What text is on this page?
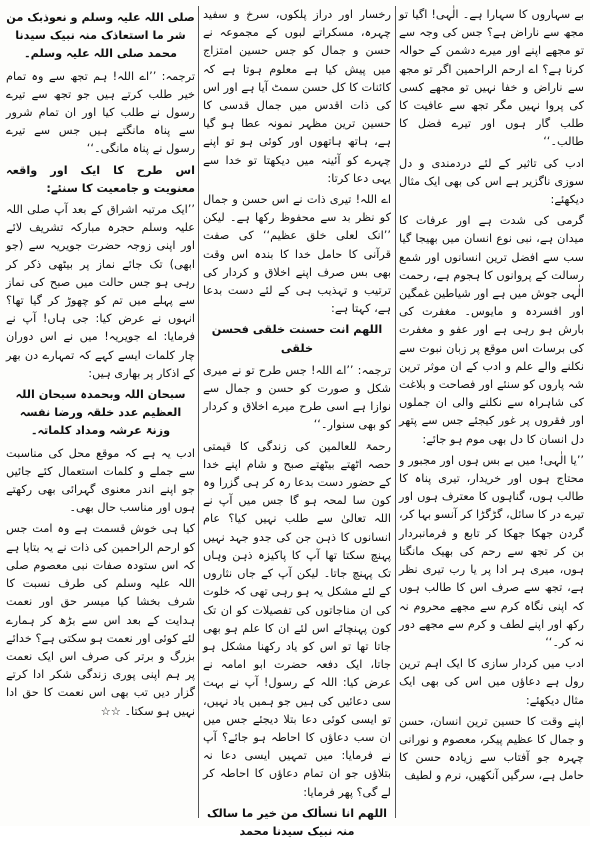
بے سہاروں کا سہارا ہے۔ الٰہی! اگیا تو مجھ سے ناراض ہے؟ جس کی وجہ سے تو مجھے اپنے اور میرے دشمن کے حوالہ کرنا ہے؟ اے ارحم الراحمین اگر تو مجھ سے ناراض و خفا نہیں تو مجھے کسی کی پروا نہیں مگر تجھ سے عافیت کا طلب گار ہوں اور تیرے فضل کا طالب۔‘‘

ادب کی تاثیر کے لئے دردمندی و دل سوزی ناگزیر ہے اس کی بھی ایک مثال دیکھئے:

گرمی کی شدت ہے اور عرفات کا میدان ہے، نبی نوع انسان میں بھیجا گیا سب سے افضل ترین انسانوں اور شمع رسالت کے پروانوں کا ہجوم ہے، رحمت الٰہی جوش میں ہے اور شیاطین غمگین اور افسردہ و مایوس۔ مغفرت کی بارش ہو رہی ہے اور عفو و مغفرت کی برسات اس موقع پر زبان نبوت سے نکلنے والے علم و ادب کے ان موثر ترین شہ پاروں کو سنئے اور فصاحت و بلاغت کی شاہراہ سے نکلنے والی ان جملوں اور فقروں پر غور کیجئے جس سے پتھر دل انسان کا دل بھی موم ہو جائے:

’’یا الٰہی! میں بے بس ہوں اور مجبور و محتاج ہوں اور خریدار، تیری پناہ کا طالب ہوں، گناہوں کا معترف ہوں اور تیرے در کا سائل، گڑگڑا کر آنسو بہا کر، گردن جھکا جھکا کر تابع و فرمانبردار بن کر تجھ سے رحم کی بھیک مانگتا ہوں، میری ہر ادا پر یا رب تیری نظر ہے، تجھ سے صرف اس کا طالب ہوں کہ اپنی نگاہ کرم سے مجھے محروم نہ رکھ اور اپنے لطف و کرم سے مجھے دور نہ کر۔‘‘

ادب میں کردار سازی کا ایک اہم ترین رول ہے دعاؤں میں اس کی بھی ایک مثال دیکھئے:

اپنے وقت کا حسین ترین انسان، حسن و جمال کا عظیم پیکر، معصوم و نورانی چہرہ جو آفتاب سے زیادہ حسن کا حامل ہے، سرگیں آنکھیں، نرم و لطیف

رخسار اور دراز پلکوں، سرخ و سفید چہرہ، مسکراتے لبوں کے مجموعہ نے حسن و جمال کو جس حسین امتزاج میں پیش کیا ہے معلوم ہوتا ہے کہ کائنات کا کل حسن سمٹ آیا ہے اور اس کی ذات اقدس میں جمال قدسی کا حسین ترین مظہر نمونہ عطا ہو گیا ہے، ہاتھ ہاتھوں اور کوئی ہو تو اپنے چہرے کو آئینہ میں دیکھتا تو خدا سے یہی دعا کرتا:

اے اللہ! تیری ذات نے اس حسن و جمال کو نظر بد سے محفوظ رکھا ہے۔ لیکن ’’انک لعلی خلق عظیم‘‘ کی صفت قرآنی کا حامل خدا کا بندہ اس وقت بھی بس صرف اپنے اخلاق و کردار کی ترتیب و تہذیب ہی کے لئے دست بدعا ہے، کہتا ہے:

اللھم انت حسنت خلقی فحسن خلقی

ترجمہ: ’’اے اللہ! جس طرح تو نے میری شکل و صورت کو حسن و جمال سے نوازا ہے اسی طرح میرے اخلاق و کردار کو بھی سنوار۔‘‘

رحمۃ للعالمین کی زندگی کا قیمتی حصہ اٹھتے بیٹھتے صبح و شام اپنے خدا کے حضور دست بدعا رہ کر ہی گزرا وہ کون سا لمحہ ہو گا جس میں آپ نے اللہ تعالیٰ سے طلب نہیں کیا؟ عام انسانوں کا ذہن جن کی جدو جہد نہیں پہنچ سکتا تھا آپ کا پاکیزہ ذہن وہاں تک پہنچ جاتا۔ لیکن آپ کے جاں نثاروں کے لئے مشکل یہ ہو رہی تھی کہ خلوت کی ان مناجاتوں کی تفصیلات کو ان تک کون پہنچائے اس لئے ان کا علم ہو بھی جاتا تھا تو اس کو یاد رکھنا مشکل ہو جاتا، ایک دفعہ حضرت ابو امامہ نے عرض کیا: اللہ کے رسول! آپ نے بہت سی دعائیں کی ہیں جو ہمیں یاد نہیں، تو ایسی کوئی دعا بتلا دیجئے جس میں ان سب دعاؤں کا احاطہ ہو جائے؟ آپ نے فرمایا: میں تمہیں ایسی دعا نہ بتلاؤں جو ان تمام دعاؤں کا احاطہ کر لے گی؟ پھر فرمایا:

اللھم انا نسألک من خیر ما سالک منہ نبیک سیدنا محمد

صلی اللہ علیہ وسلم و نعوذبک من شر ما استعاذک منہ نبیک سیدنا محمد صلی اللہ علیہ وسلم۔

ترجمہ: ’’اے اللہ! ہم تجھ سے وہ تمام خیر طلب کرتے ہیں جو تجھ سے تیرے رسول نے طلب کیا اور ان تمام شرور سے پناہ مانگتے ہیں جس سے تیرے رسول نے پناہ مانگی۔‘‘

اس طرح کا ایک اور واقعہ معنویت و جامعیت کا سنئے:

’’ایک مرتبہ اشراق کے بعد آپ صلی اللہ علیہ وسلم حجرہ مبارکہ تشریف لائے اور اپنی زوجہ حضرت جویریہ سے (جو ابھی) تک جائے نماز پر بیٹھی ذکر کر رہی ہو جس حالت میں صبح کی نماز سے پہلے میں تم کو چھوڑ کر گیا تھا؟ انہوں نے عرض کیا: جی ہاں! آپ نے فرمایا: اے جویریہ! میں نے اس دوران چار کلمات ایسے کہے کہ تمہارے دن بھر کے اذکار پر بھاری ہیں:

سبحان اللہ وبحمدہ سبحان اللہ العظیم عدد خلقہ ورضا نفسہ وزنۃ عرشہ ومداد کلماتہ۔

ادب یہ ہے کہ موقع محل کی مناسبت سے جملے و کلمات استعمال کئے جائیں جو اپنے اندر معنوی گہرائی بھی رکھتے ہوں اور مناسب حال بھی۔

کیا ہی خوش قسمت ہے وہ امت جس کو ارحم الراحمین کی ذات نے یہ بتایا ہے کہ اس ستودہ صفات نبی معصوم صلی اللہ علیہ وسلم کی طرف نسبت کا شرف بخشا کیا میسر حق اور نعمت ہدایت کے بعد اس سے بڑھ کر ہمارے لئے کوئی اور نعمت ہو سکتی ہے؟ خدائے بزرگ و برتر کی صرف اس ایک نعمت پر ہم اپنی پوری زندگی شکر ادا کرتے گزار دیں تب بھی اس نعمت کا حق ادا نہیں ہو سکتا۔ ☆☆
